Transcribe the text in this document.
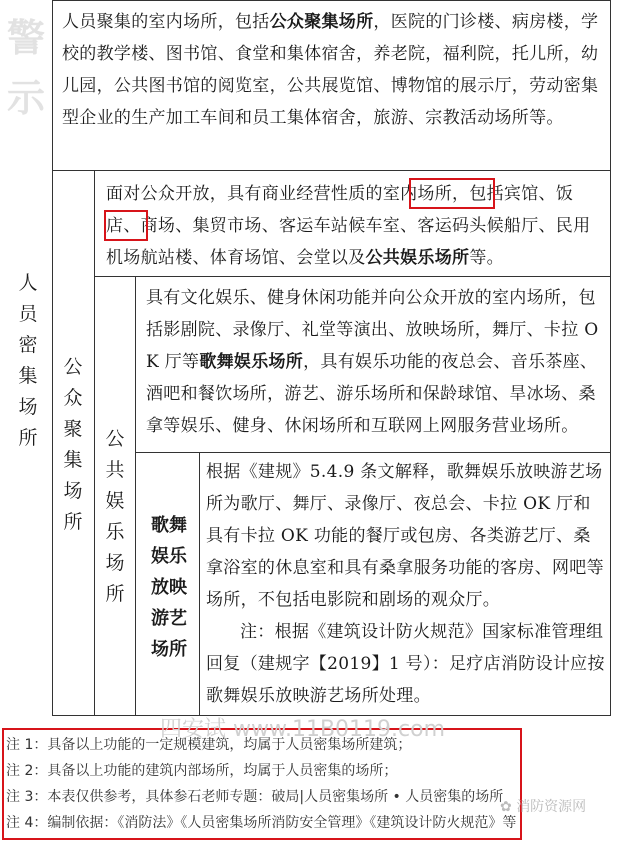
警示
人员聚集的室内场所，包括公众聚集场所，医院的门诊楼、病房楼，学校的教学楼、图书馆、食堂和集体宿舍，养老院，福利院，托儿所，幼儿园，公共图书馆的阅览室，公共展览馆、博物馆的展示厅，劳动密集型企业的生产加工车间和员工集体宿舍，旅游、宗教活动场所等。
人
员
密
集
场
所
公
众
聚
集
场
所
公
共
娱
乐
场
所
歌舞
娱乐
放映
游艺
场所
面对公众开放，具有商业经营性质的室内场所，包括宾馆、饭店、商场、集贸市场、客运车站候车室、客运码头候船厅、民用机场航站楼、体育场馆、会堂以及公共娱乐场所等。
具有文化娱乐、健身休闲功能并向公众开放的室内场所，包括影剧院、录像厅、礼堂等演出、放映场所，舞厅、卡拉 OK 厅等歌舞娱乐场所，具有娱乐功能的夜总会、音乐茶座、酒吧和餐饮场所，游艺、游乐场所和保龄球馆、旱冰场、桑拿等娱乐、健身、休闲场所和互联网上网服务营业场所。
根据《建规》5.4.9 条文解释，歌舞娱乐放映游艺场所为歌厅、舞厅、录像厅、夜总会、卡拉 OK 厅和具有卡拉 OK 功能的餐厅或包房、各类游艺厅、桑拿浴室的休息室和具有桑拿服务功能的客房、网吧等场所，不包括电影院和剧场的观众厅。
注：根据《建筑设计防火规范》国家标准管理组回复（建规字【2019】1 号）：足疗店消防设计应按歌舞娱乐放映游艺场所处理。
注 1：具备以上功能的一定规模建筑，均属于人员密集场所建筑；
注 2：具备以上功能的建筑内部场所，均属于人员密集的场所；
注 3：本表仅供参考，具体参石老师专题：破局|人员密集场所 • 人员密集的场所
注 4：编制依据：《消防法》《人员密集场所消防安全管理》《建筑设计防火规范》等
四安试 www.11B0119.com
✿ 消防资源网
